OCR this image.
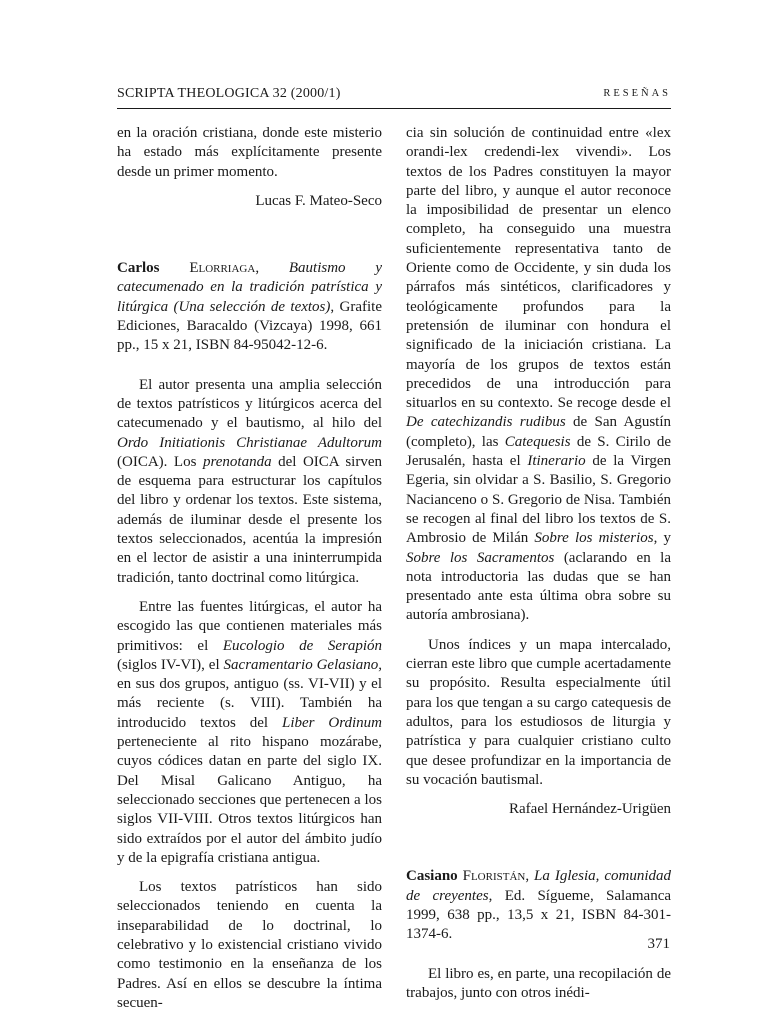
SCRIPTA THEOLOGICA 32 (2000/1)	RESEÑAS

en la oración cristiana, donde este misterio ha estado más explícitamente presente desde un primer momento.

Lucas F. Mateo-Seco

Carlos Elorriaga, Bautismo y catecumenado en la tradición patrística y litúrgica (Una selección de textos), Grafite Ediciones, Baracaldo (Vizcaya) 1998, 661 pp., 15 x 21, ISBN 84-95042-12-6.

El autor presenta una amplia selección de textos patrísticos y litúrgicos acerca del catecumenado y el bautismo, al hilo del Ordo Initiationis Christianae Adultorum (OICA). Los prenotanda del OICA sirven de esquema para estructurar los capítulos del libro y ordenar los textos. Este sistema, además de iluminar desde el presente los textos seleccionados, acentúa la impresión en el lector de asistir a una ininterrumpida tradición, tanto doctrinal como litúrgica.

Entre las fuentes litúrgicas, el autor ha escogido las que contienen materiales más primitivos: el Eucologio de Serapión (siglos IV-VI), el Sacramentario Gelasiano, en sus dos grupos, antiguo (ss. VI-VII) y el más reciente (s. VIII). También ha introducido textos del Liber Ordinum perteneciente al rito hispano mozárabe, cuyos códices datan en parte del siglo IX. Del Misal Galicano Antiguo, ha seleccionado secciones que pertenecen a los siglos VII-VIII. Otros textos litúrgicos han sido extraídos por el autor del ámbito judío y de la epigrafía cristiana antigua.

Los textos patrísticos han sido seleccionados teniendo en cuenta la inseparabilidad de lo doctrinal, lo celebrativo y lo existencial cristiano vivido como testimonio en la enseñanza de los Padres. Así en ellos se descubre la íntima secuen-

cia sin solución de continuidad entre «lex orandi-lex credendi-lex vivendi». Los textos de los Padres constituyen la mayor parte del libro, y aunque el autor reconoce la imposibilidad de presentar un elenco completo, ha conseguido una muestra suficientemente representativa tanto de Oriente como de Occidente, y sin duda los párrafos más sintéticos, clarificadores y teológicamente profundos para la pretensión de iluminar con hondura el significado de la iniciación cristiana. La mayoría de los grupos de textos están precedidos de una introducción para situarlos en su contexto. Se recoge desde el De catechizandis rudibus de San Agustín (completo), las Catequesis de S. Cirilo de Jerusalén, hasta el Itinerario de la Virgen Egeria, sin olvidar a S. Basilio, S. Gregorio Nacianceno o S. Gregorio de Nisa. También se recogen al final del libro los textos de S. Ambrosio de Milán Sobre los misterios, y Sobre los Sacramentos (aclarando en la nota introductoria las dudas que se han presentado ante esta última obra sobre su autoría ambrosiana).

Unos índices y un mapa intercalado, cierran este libro que cumple acertadamente su propósito. Resulta especialmente útil para los que tengan a su cargo catequesis de adultos, para los estudiosos de liturgia y patrística y para cualquier cristiano culto que desee profundizar en la importancia de su vocación bautismal.

Rafael Hernández-Urigüen

Casiano Floristán, La Iglesia, comunidad de creyentes, Ed. Sígueme, Salamanca 1999, 638 pp., 13,5 x 21, ISBN 84-301-1374-6.

El libro es, en parte, una recopilación de trabajos, junto con otros inédi-

371
